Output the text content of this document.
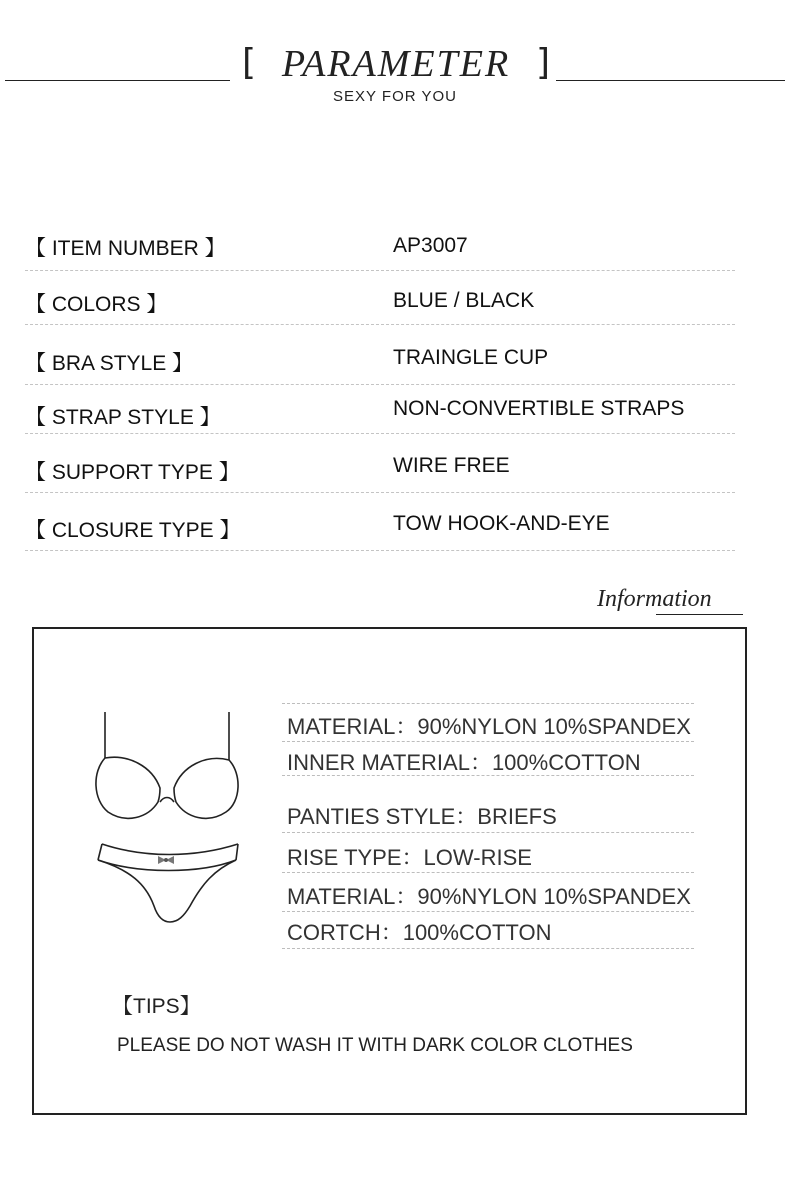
[ PARAMETER ]
SEXY FOR YOU
【 ITEM NUMBER 】	AP3007
【 COLORS 】	BLUE / BLACK
【 BRA STYLE 】	TRAINGLE CUP
【 STRAP STYLE 】	NON-CONVERTIBLE STRAPS
【 SUPPORT TYPE 】	WIRE FREE
【 CLOSURE TYPE 】	TOW HOOK-AND-EYE
Information
MATERIAL：90%NYLON 10%SPANDEX
INNER MATERIAL：100%COTTON
PANTIES STYLE：BRIEFS
RISE TYPE：LOW-RISE
MATERIAL：90%NYLON 10%SPANDEX
CORTCH：100%COTTON
【TIPS】
PLEASE DO NOT WASH IT WITH DARK COLOR CLOTHES
